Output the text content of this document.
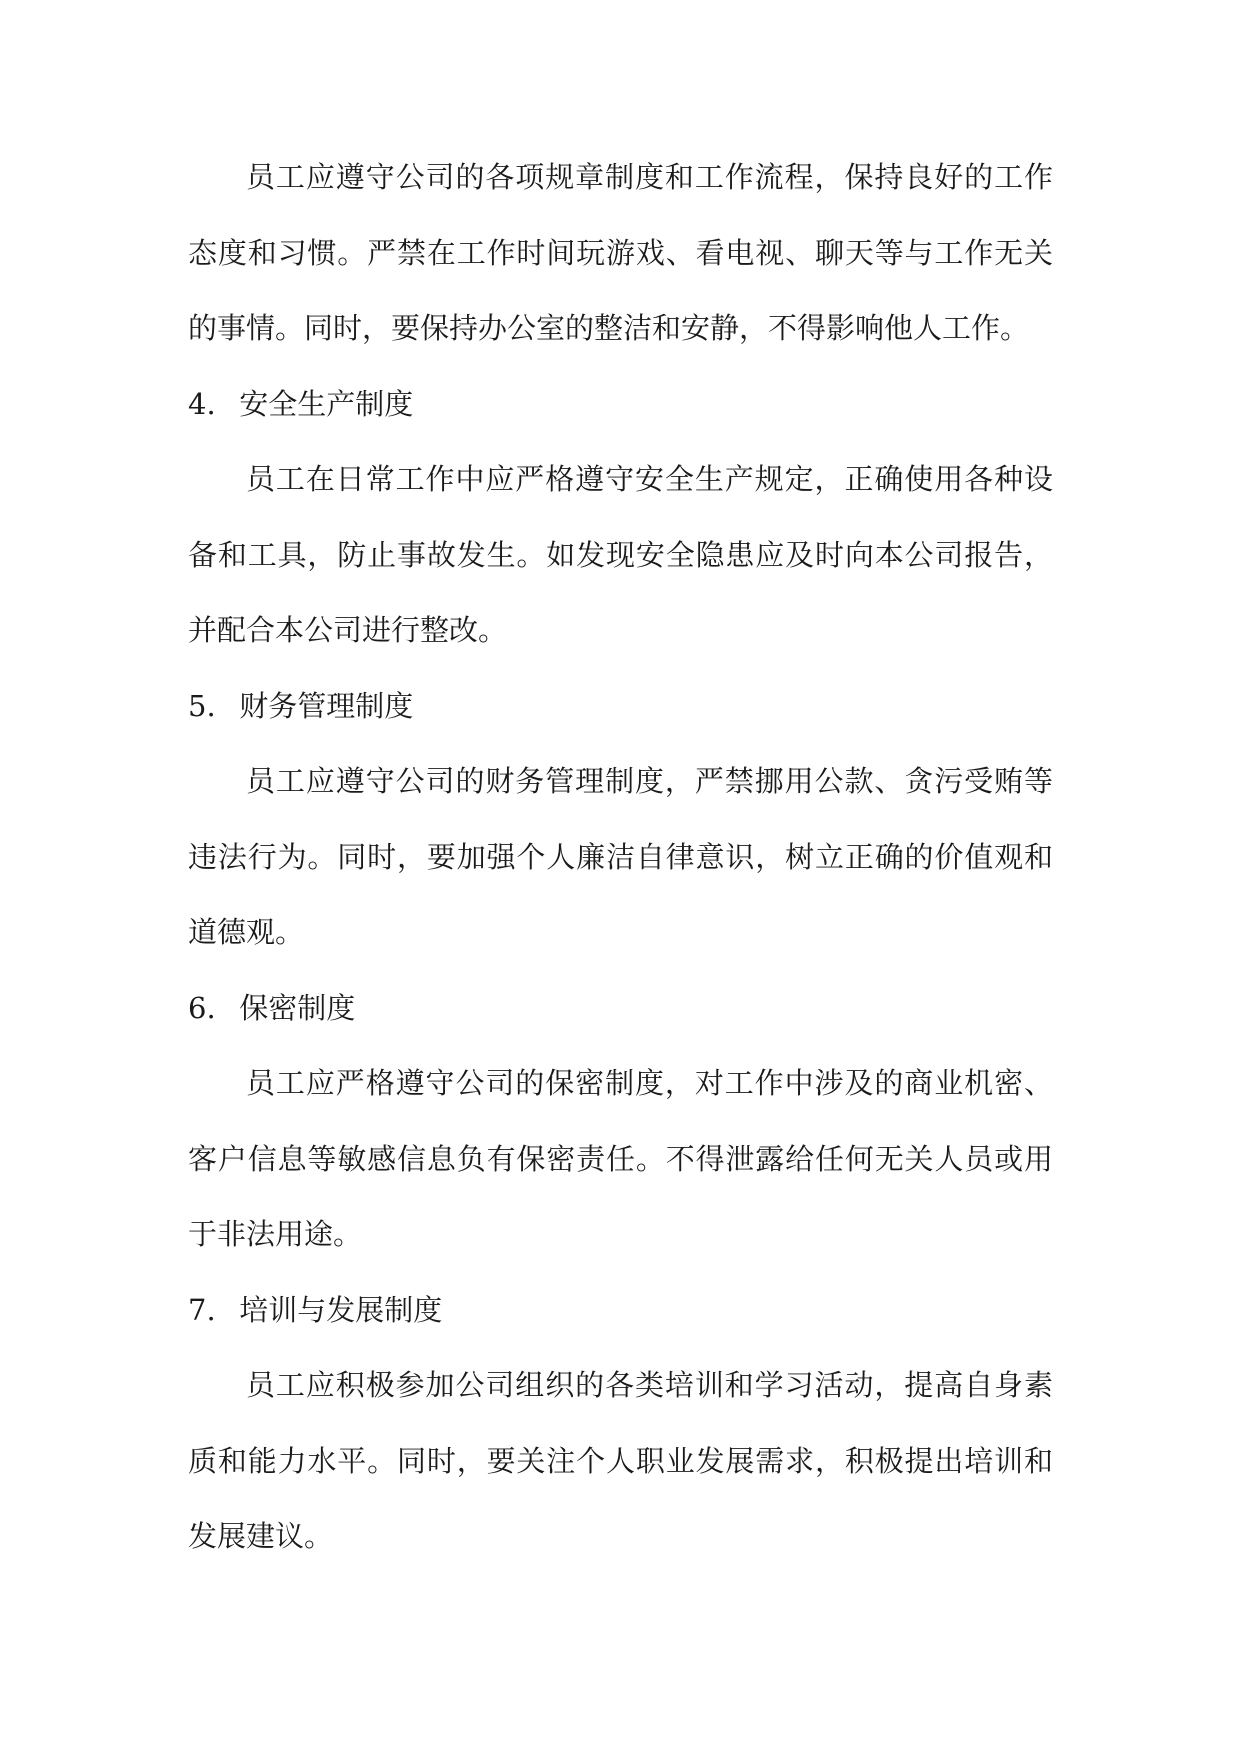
员工应遵守公司的各项规章制度和工作流程，保持良好的工作态度和习惯。严禁在工作时间玩游戏、看电视、聊天等与工作无关的事情。同时，要保持办公室的整洁和安静，不得影响他人工作。

4. 安全生产制度

员工在日常工作中应严格遵守安全生产规定，正确使用各种设备和工具，防止事故发生。如发现安全隐患应及时向本公司报告，并配合本公司进行整改。

5. 财务管理制度

员工应遵守公司的财务管理制度，严禁挪用公款、贪污受贿等违法行为。同时，要加强个人廉洁自律意识，树立正确的价值观和道德观。

6. 保密制度

员工应严格遵守公司的保密制度，对工作中涉及的商业机密、客户信息等敏感信息负有保密责任。不得泄露给任何无关人员或用于非法用途。

7. 培训与发展制度

员工应积极参加公司组织的各类培训和学习活动，提高自身素质和能力水平。同时，要关注个人职业发展需求，积极提出培训和发展建议。
